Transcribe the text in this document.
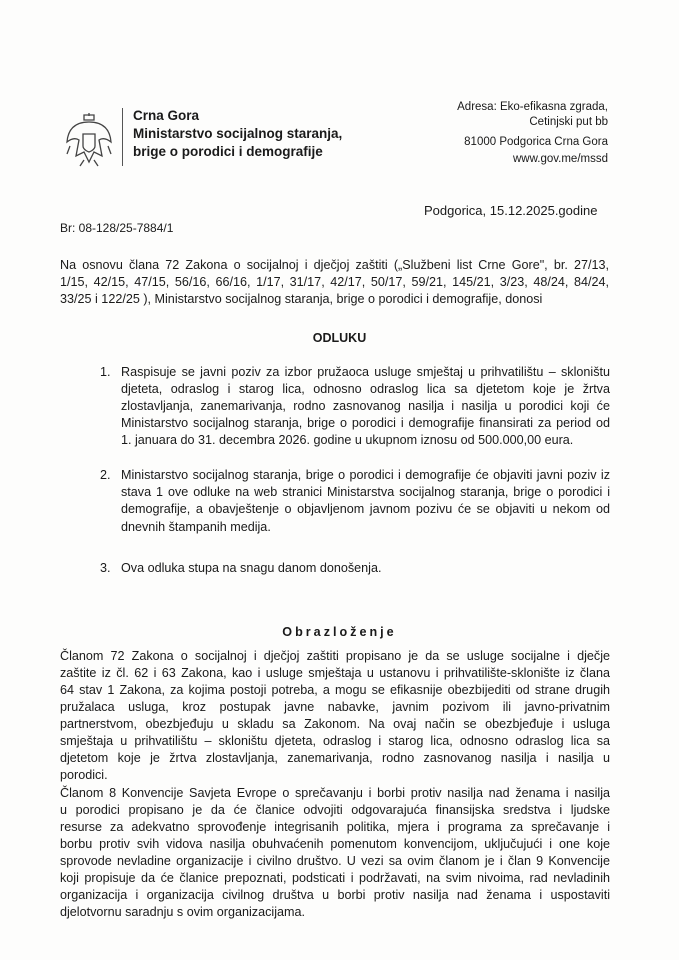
Crna Gora
Ministarstvo socijalnog staranja,
brige o porodici i demografije
Adresa: Eko-efikasna zgrada,
Cetinjski put bb
81000 Podgorica Crna Gora
www.gov.me/mssd
Podgorica, 15.12.2025.godine
Br: 08-128/25-7884/1
Na osnovu člana 72 Zakona o socijalnoj i dječjoj zaštiti („Službeni list Crne Gore", br. 27/13,
1/15, 42/15, 47/15, 56/16, 66/16, 1/17, 31/17, 42/17, 50/17, 59/21, 145/21, 3/23, 48/24, 84/24,
33/25 i 122/25 ), Ministarstvo socijalnog staranja, brige o porodici i demografije, donosi
ODLUKU
1. Raspisuje se javni poziv za izbor pružaoca usluge smještaj u prihvatilištu – skloništu
djeteta, odraslog i starog lica, odnosno odraslog lica sa djetetom koje je žrtva
zlostavljanja, zanemarivanja, rodno zasnovanog nasilja i nasilja u porodici koji će
Ministarstvo socijalnog staranja, brige o porodici i demografije finansirati za period od
1. januara do 31. decembra 2026. godine u ukupnom iznosu od 500.000,00 eura.
2. Ministarstvo socijalnog staranja, brige o porodici i demografije će objaviti javni poziv iz
stava 1 ove odluke na web stranici Ministarstva socijalnog staranja, brige o porodici i
demografije, a obavještenje o objavljenom javnom pozivu će se objaviti u nekom od
dnevnih štampanih medija.
3. Ova odluka stupa na snagu danom donošenja.
Obrazloženje
Članom 72 Zakona o socijalnoj i dječjoj zaštiti propisano je da se usluge socijalne i dječje
zaštite iz čl. 62 i 63 Zakona, kao i usluge smještaja u ustanovu i prihvatilište-sklonište iz člana
64 stav 1 Zakona, za kojima postoji potreba, a mogu se efikasnije obezbijediti od strane drugih
pružalaca usluga, kroz postupak javne nabavke, javnim pozivom ili javno-privatnim
partnerstvom, obezbjeđuju u skladu sa Zakonom. Na ovaj način se obezbjeđuje i usluga
smještaja u prihvatilištu – skloništu djeteta, odraslog i starog lica, odnosno odraslog lica sa
djetetom koje je žrtva zlostavljanja, zanemarivanja, rodno zasnovanog nasilja i nasilja u
porodici.
Članom 8 Konvencije Savjeta Evrope o sprečavanju i borbi protiv nasilja nad ženama i nasilja
u porodici propisano je da će članice odvojiti odgovarajuća finansijska sredstva i ljudske
resurse za adekvatno sprovođenje integrisanih politika, mjera i programa za sprečavanje i
borbu protiv svih vidova nasilja obuhvaćenih pomenutom konvencijom, uključujući i one koje
sprovode nevladine organizacije i civilno društvo. U vezi sa ovim članom je i član 9 Konvencije
koji propisuje da će članice prepoznati, podsticati i podržavati, na svim nivoima, rad nevladinih
organizacija i organizacija civilnog društva u borbi protiv nasilja nad ženama i uspostaviti
djelotvornu saradnju s ovim organizacijama.
